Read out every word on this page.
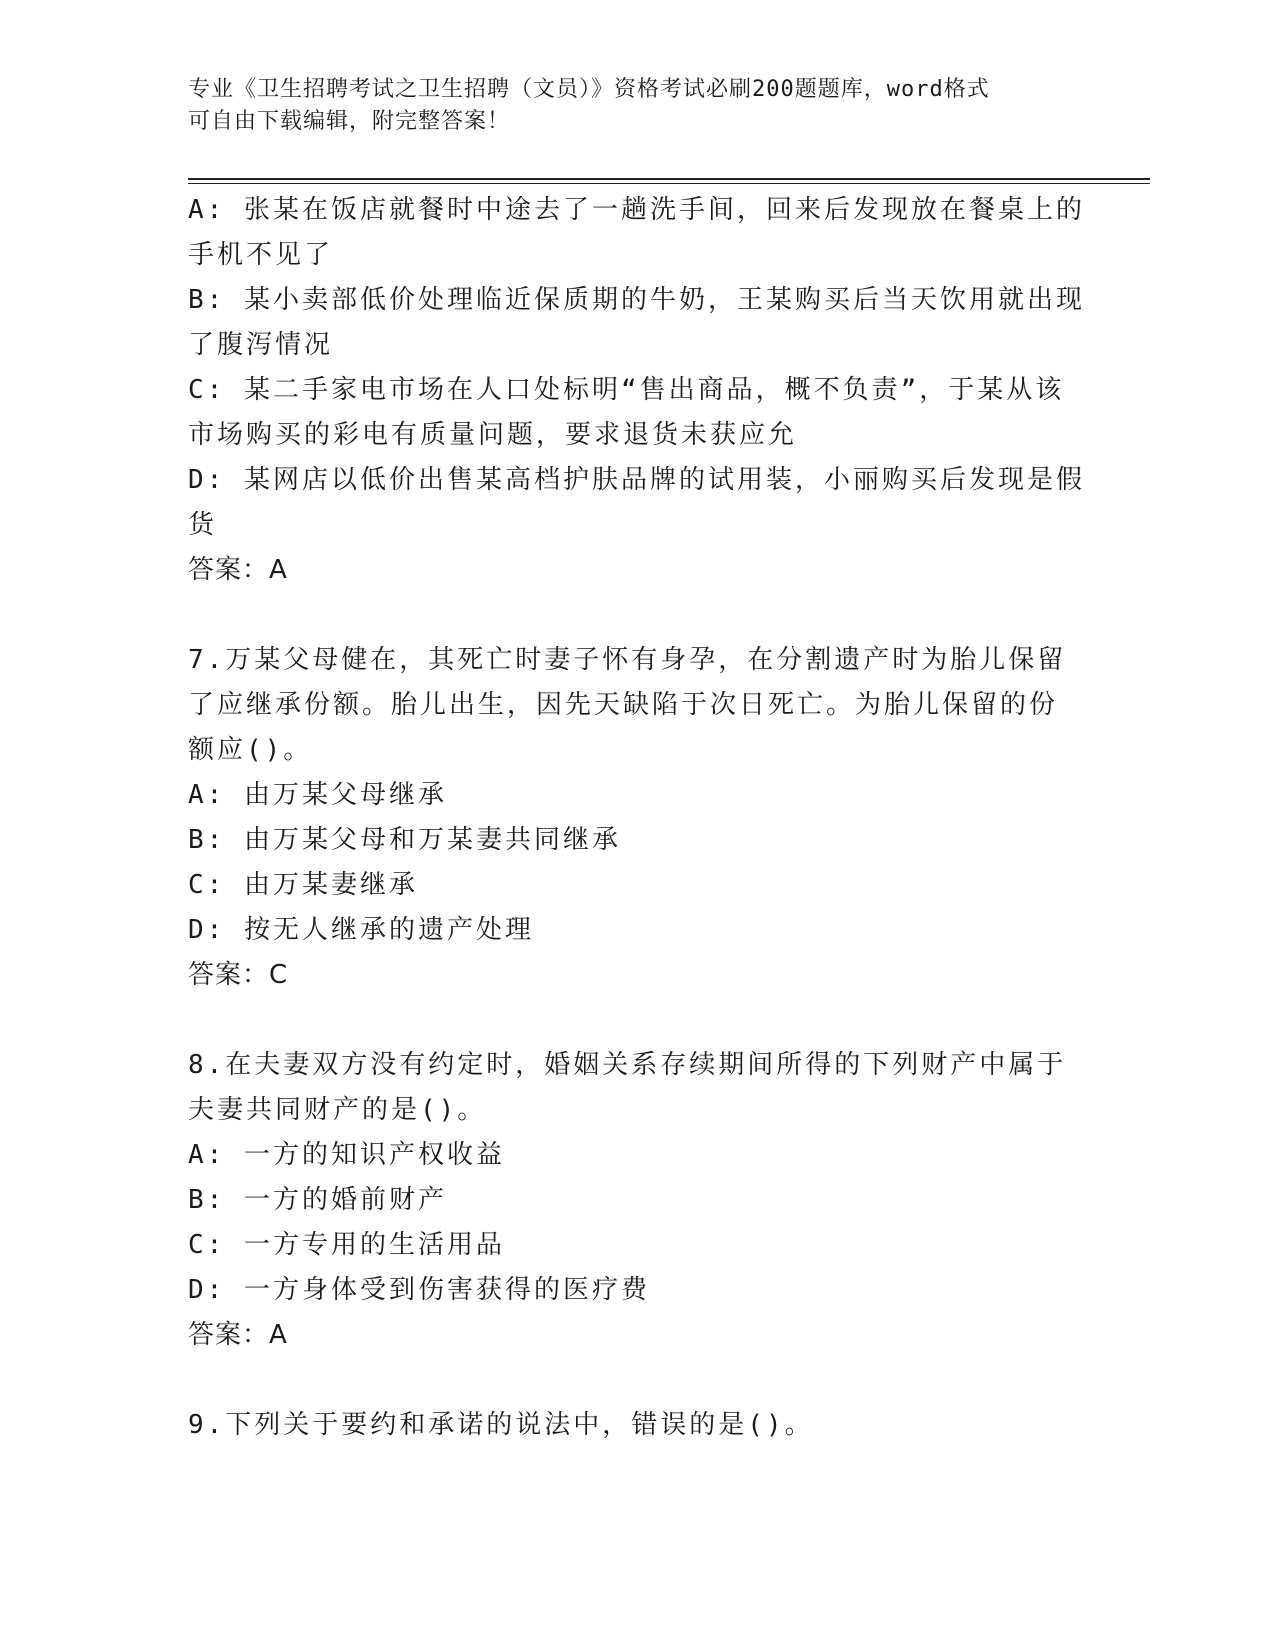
专业《卫生招聘考试之卫生招聘（文员）》资格考试必刷200题题库，word格式
可自由下载编辑，附完整答案！
A: 张某在饭店就餐时中途去了一趟洗手间，回来后发现放在餐桌上的
手机不见了
B: 某小卖部低价处理临近保质期的牛奶，王某购买后当天饮用就出现
了腹泻情况
C: 某二手家电市场在人口处标明“售出商品，概不负责”，于某从该
市场购买的彩电有质量问题，要求退货未获应允
D: 某网店以低价出售某高档护肤品牌的试用装，小丽购买后发现是假
货
答案：A
7.万某父母健在，其死亡时妻子怀有身孕，在分割遗产时为胎儿保留
了应继承份额。胎儿出生，因先天缺陷于次日死亡。为胎儿保留的份
额应()。
A: 由万某父母继承
B: 由万某父母和万某妻共同继承
C: 由万某妻继承
D: 按无人继承的遗产处理
答案：C
8.在夫妻双方没有约定时，婚姻关系存续期间所得的下列财产中属于
夫妻共同财产的是()。
A: 一方的知识产权收益
B: 一方的婚前财产
C: 一方专用的生活用品
D: 一方身体受到伤害获得的医疗费
答案：A
9.下列关于要约和承诺的说法中，错误的是()。
